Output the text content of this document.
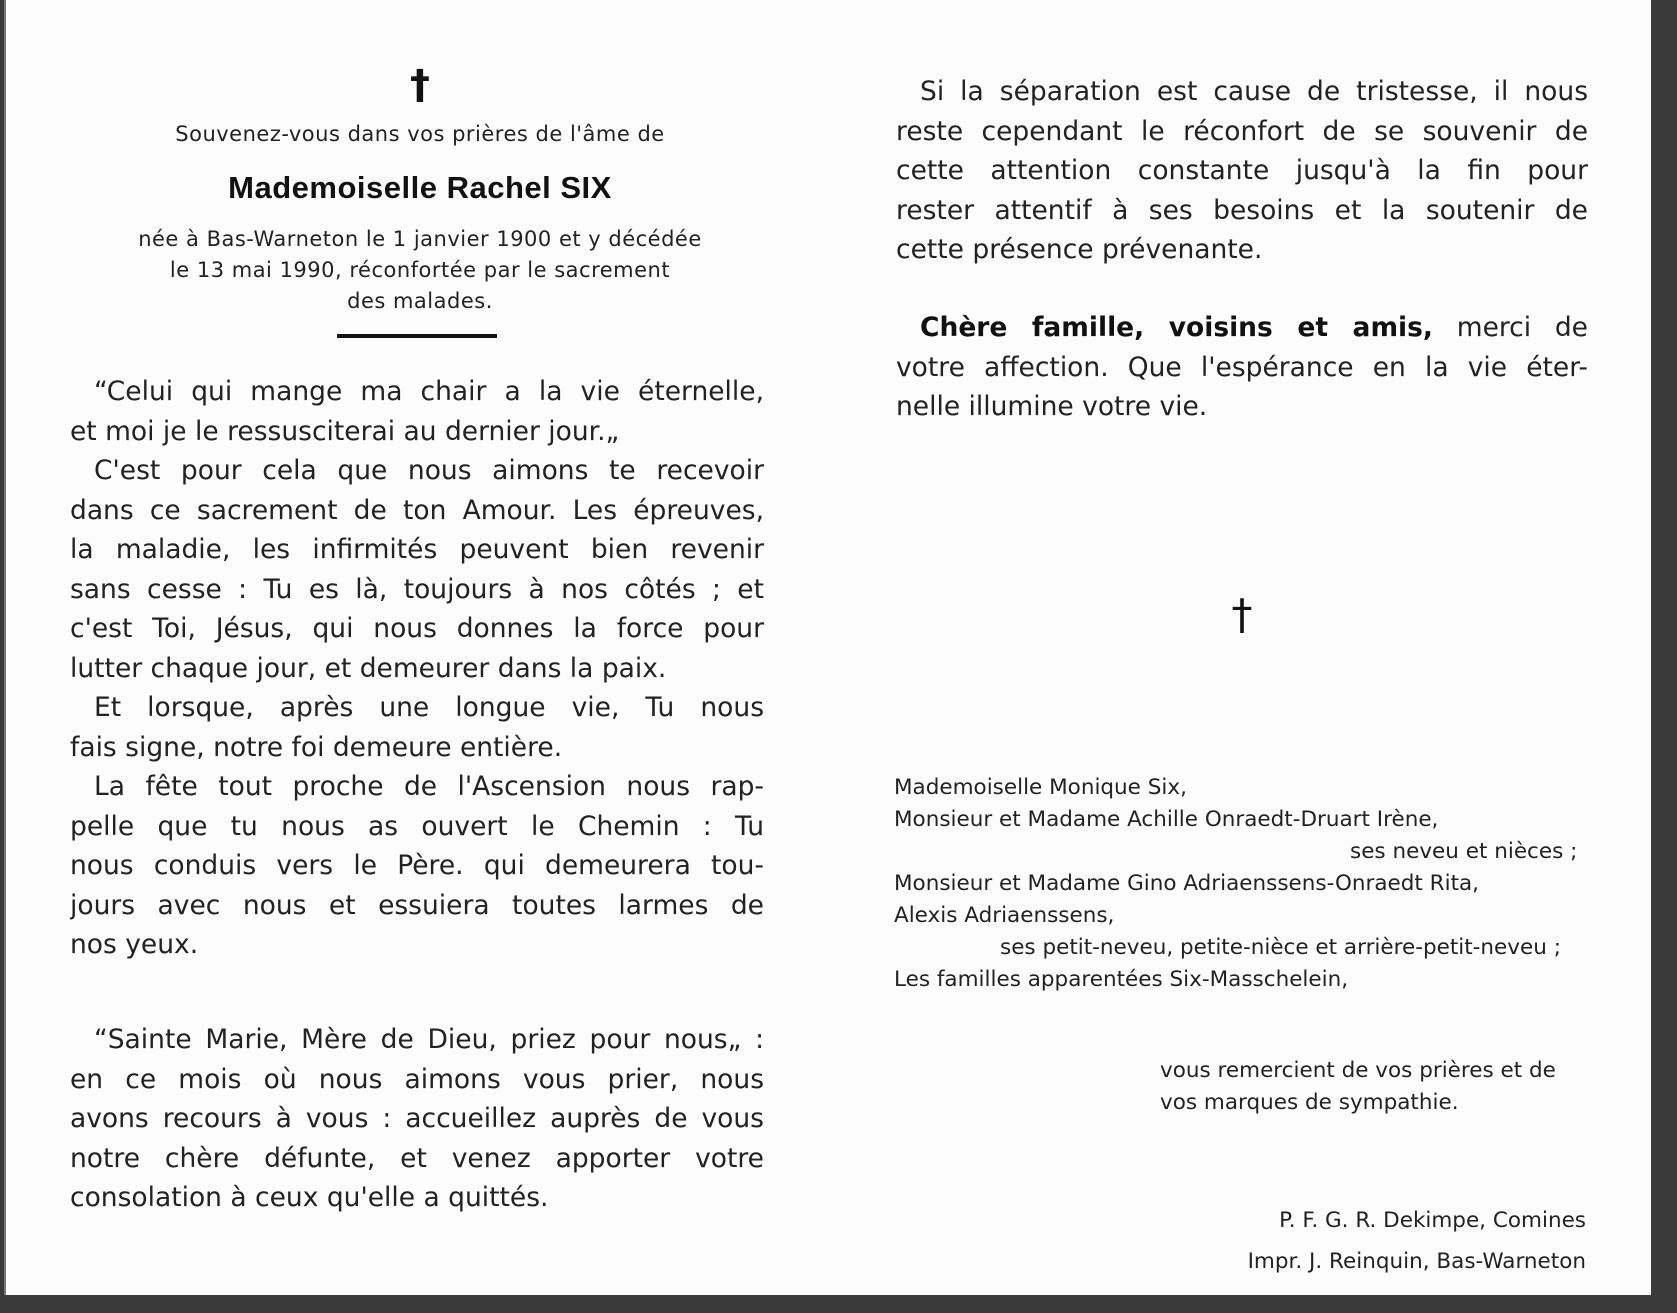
†
Souvenez-vous dans vos prières de l'âme de
Mademoiselle Rachel SIX
née à Bas-Warneton le 1 janvier 1900 et y décédée
le 13 mai 1990, réconfortée par le sacrement
des malades.
“Celui qui mange ma chair a la vie éternelle,
et moi je le ressusciterai au dernier jour.„
C'est pour cela que nous aimons te recevoir
dans ce sacrement de ton Amour. Les épreuves,
la maladie, les infirmités peuvent bien revenir
sans cesse : Tu es là, toujours à nos côtés ; et
c'est Toi, Jésus, qui nous donnes la force pour
lutter chaque jour, et demeurer dans la paix.
Et lorsque, après une longue vie, Tu nous
fais signe, notre foi demeure entière.
La fête tout proche de l'Ascension nous rap-
pelle que tu nous as ouvert le Chemin : Tu
nous conduis vers le Père. qui demeurera tou-
jours avec nous et essuiera toutes larmes de
nos yeux.
“Sainte Marie, Mère de Dieu, priez pour nous„ :
en ce mois où nous aimons vous prier, nous
avons recours à vous : accueillez auprès de vous
notre chère défunte, et venez apporter votre
consolation à ceux qu'elle a quittés.
Si la séparation est cause de tristesse, il nous
reste cependant le réconfort de se souvenir de
cette attention constante jusqu'à la fin pour
rester attentif à ses besoins et la soutenir de
cette présence prévenante.
Chère famille, voisins et amis, merci de
votre affection. Que l'espérance en la vie éter-
nelle illumine votre vie.
†
Mademoiselle Monique Six,
Monsieur et Madame Achille Onraedt-Druart Irène,
ses neveu et nièces ;
Monsieur et Madame Gino Adriaenssens-Onraedt Rita,
Alexis Adriaenssens,
ses petit-neveu, petite-nièce et arrière-petit-neveu ;
Les familles apparentées Six-Masschelein,
vous remercient de vos prières et de
vos marques de sympathie.
P. F. G. R. Dekimpe, Comines
Impr. J. Reinquin, Bas-Warneton
